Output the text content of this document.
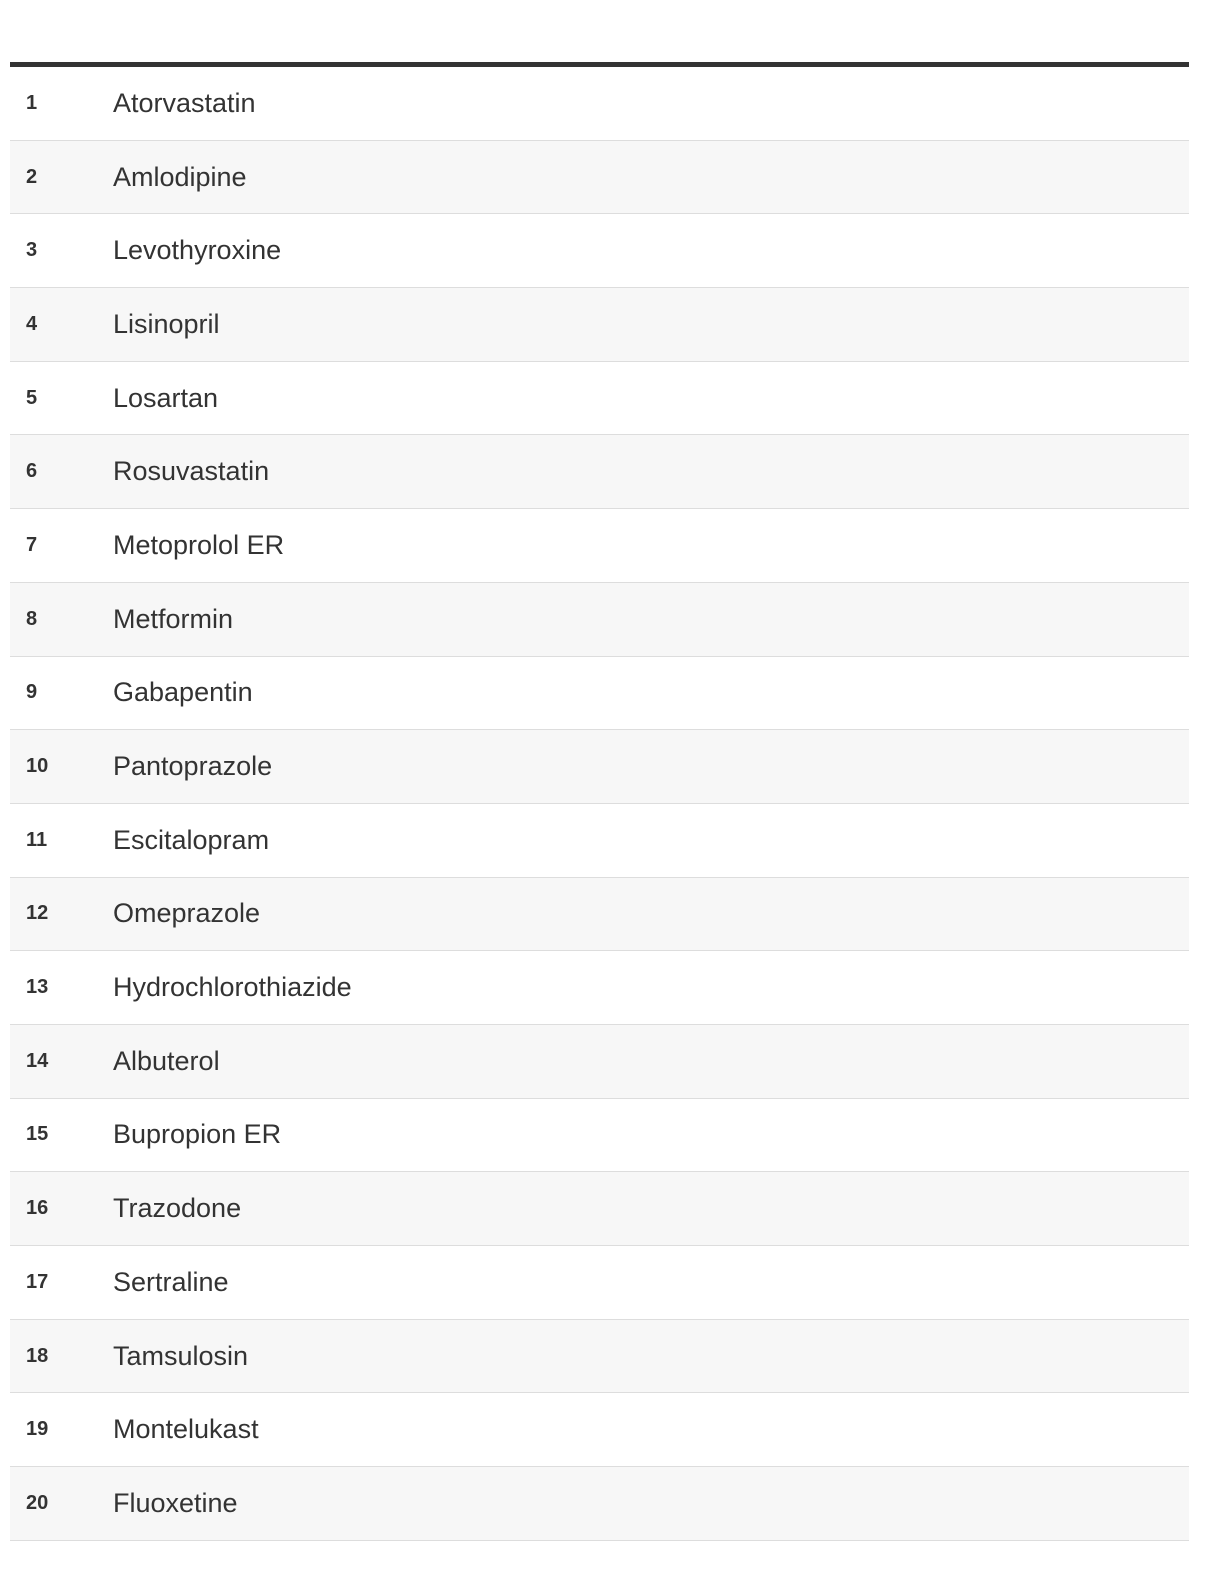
1	Atorvastatin
2	Amlodipine
3	Levothyroxine
4	Lisinopril
5	Losartan
6	Rosuvastatin
7	Metoprolol ER
8	Metformin
9	Gabapentin
10	Pantoprazole
11	Escitalopram
12	Omeprazole
13	Hydrochlorothiazide
14	Albuterol
15	Bupropion ER
16	Trazodone
17	Sertraline
18	Tamsulosin
19	Montelukast
20	Fluoxetine
